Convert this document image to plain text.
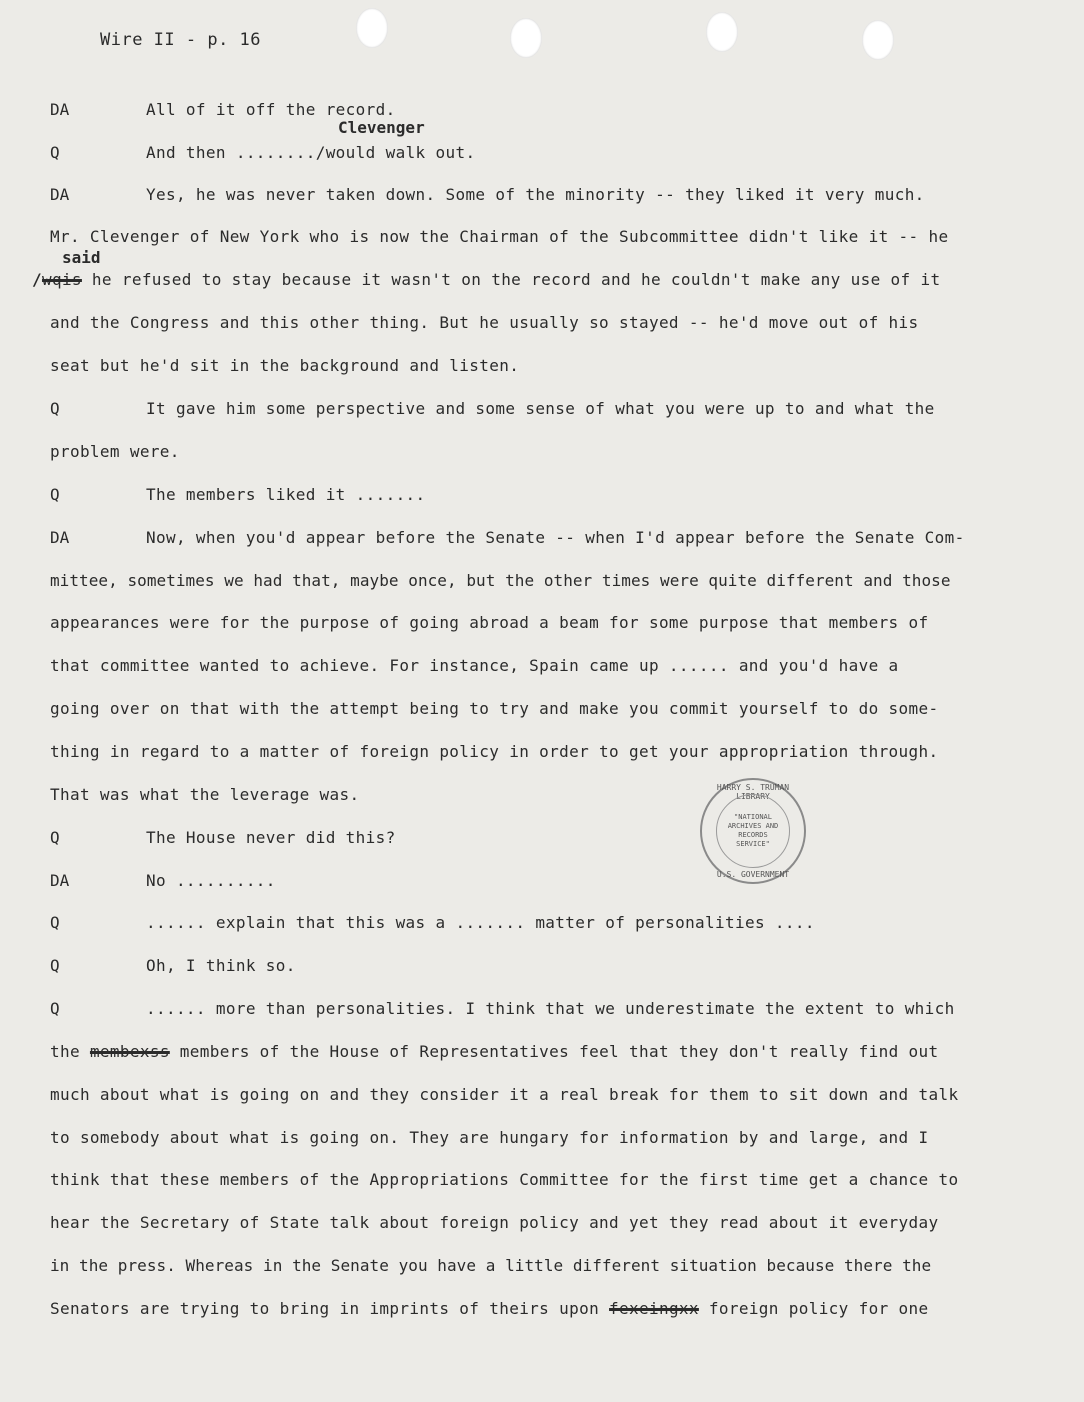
Wire II - p. 16
DA	All of it off the record.
Clevenger
Q	And then ......../would walk out.
DA	Yes, he was never taken down. Some of the minority -- they liked it very much.
Mr. Clevenger of New York who is now the Chairman of the Subcommittee didn't like it -- he
said
/wqis he refused to stay because it wasn't on the record and he couldn't make any use of it
and the Congress and this other thing. But he usually so stayed -- he'd move out of his
seat but he'd sit in the background and listen.
Q	It gave him some perspective and some sense of what you were up to and what the
problem were.
Q	The members liked it .......
DA	Now, when you'd appear before the Senate -- when I'd appear before the Senate Com-
mittee, sometimes we had that, maybe once, but the other times were quite different and those
appearances were for the purpose of going abroad a beam for some purpose that members of
that committee wanted to achieve. For instance, Spain came up ...... and you'd have a
going over on that with the attempt being to try and make you commit yourself to do some-
thing in regard to a matter of foreign policy in order to get your appropriation through.
That was what the leverage was.
Q	The House never did this?
DA	No ..........
Q	...... explain that this was a ....... matter of personalities ....
Q	Oh, I think so.
Q	...... more than personalities. I think that we underestimate the extent to which
the membexss members of the House of Representatives feel that they don't really find out
much about what is going on and they consider it a real break for them to sit down and talk
to somebody about what is going on. They are hungary for information by and large, and I
think that these members of the Appropriations Committee for the first time get a chance to
hear the Secretary of State talk about foreign policy and yet they read about it everyday
in the press. Whereas in the Senate you have a little different situation because there the
Senators are trying to bring in imprints of theirs upon fexeingxx foreign policy for one
HARRY S. TRUMAN LIBRARY
"NATIONAL ARCHIVES AND RECORDS SERVICE"
U.S. GOVERNMENT
